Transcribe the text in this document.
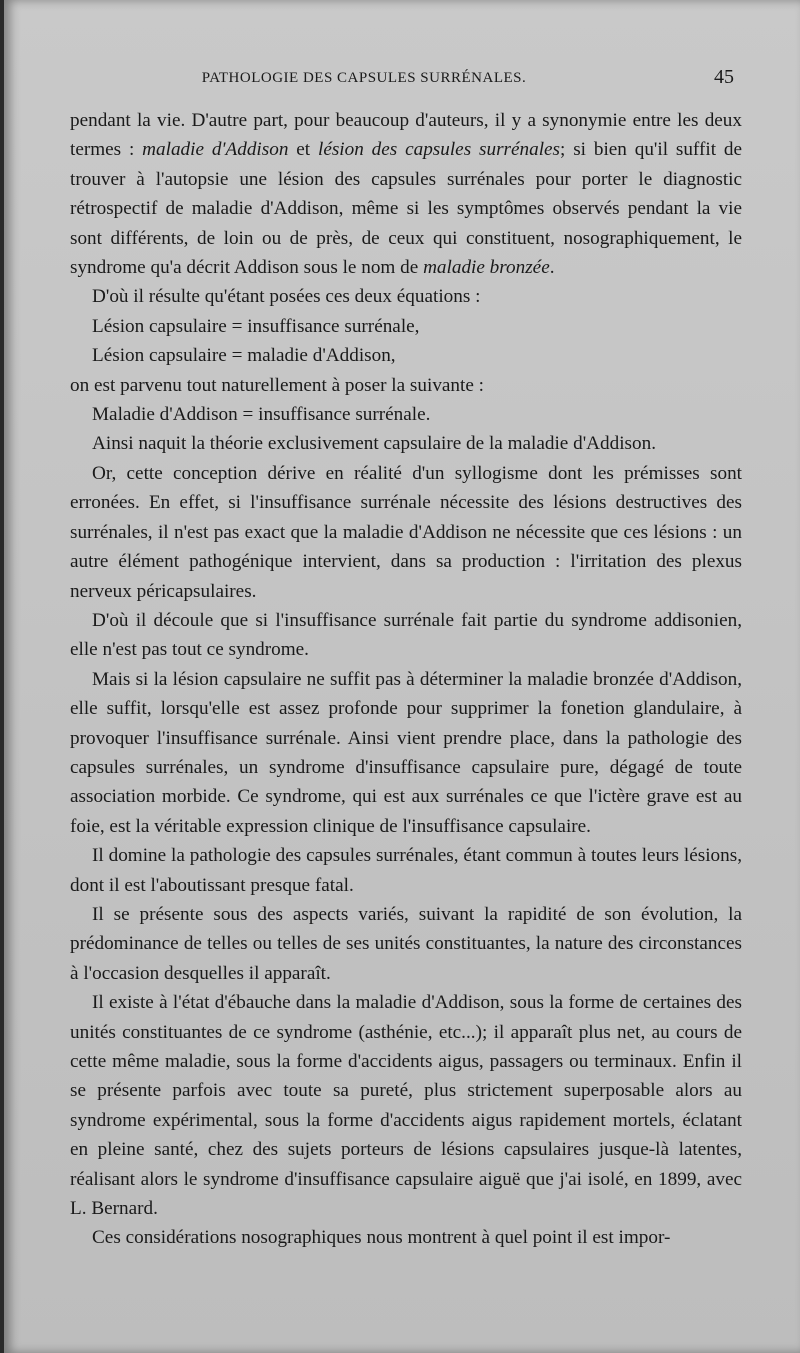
PATHOLOGIE DES CAPSULES SURRÉNALES.	45

pendant la vie. D'autre part, pour beaucoup d'auteurs, il y a synonymie entre les deux termes : maladie d'Addison et lésion des capsules surrénales; si bien qu'il suffit de trouver à l'autopsie une lésion des capsules surrénales pour porter le diagnostic rétrospectif de maladie d'Addison, même si les symptômes observés pendant la vie sont différents, de loin ou de près, de ceux qui constituent, nosographiquement, le syndrome qu'a décrit Addison sous le nom de maladie bronzée.

D'où il résulte qu'étant posées ces deux équations :

Lésion capsulaire = insuffisance surrénale,

Lésion capsulaire = maladie d'Addison,

on est parvenu tout naturellement à poser la suivante :

Maladie d'Addison = insuffisance surrénale.

Ainsi naquit la théorie exclusivement capsulaire de la maladie d'Addison.

Or, cette conception dérive en réalité d'un syllogisme dont les prémisses sont erronées. En effet, si l'insuffisance surrénale nécessite des lésions destructives des surrénales, il n'est pas exact que la maladie d'Addison ne nécessite que ces lésions : un autre élément pathogénique intervient, dans sa production : l'irritation des plexus nerveux péricapsulaires.

D'où il découle que si l'insuffisance surrénale fait partie du syndrome addisonien, elle n'est pas tout ce syndrome.

Mais si la lésion capsulaire ne suffit pas à déterminer la maladie bronzée d'Addison, elle suffit, lorsqu'elle est assez profonde pour supprimer la fonetion glandulaire, à provoquer l'insuffisance surrénale. Ainsi vient prendre place, dans la pathologie des capsules surrénales, un syndrome d'insuffisance capsulaire pure, dégagé de toute association morbide. Ce syndrome, qui est aux surrénales ce que l'ictère grave est au foie, est la véritable expression clinique de l'insuffisance capsulaire.

Il domine la pathologie des capsules surrénales, étant commun à toutes leurs lésions, dont il est l'aboutissant presque fatal.

Il se présente sous des aspects variés, suivant la rapidité de son évolution, la prédominance de telles ou telles de ses unités constituantes, la nature des circonstances à l'occasion desquelles il apparaît.

Il existe à l'état d'ébauche dans la maladie d'Addison, sous la forme de certaines des unités constituantes de ce syndrome (asthénie, etc...); il apparaît plus net, au cours de cette même maladie, sous la forme d'accidents aigus, passagers ou terminaux. Enfin il se présente parfois avec toute sa pureté, plus strictement superposable alors au syndrome expérimental, sous la forme d'accidents aigus rapidement mortels, éclatant en pleine santé, chez des sujets porteurs de lésions capsulaires jusque-là latentes, réalisant alors le syndrome d'insuffisance capsulaire aiguë que j'ai isolé, en 1899, avec L. Bernard.

Ces considérations nosographiques nous montrent à quel point il est impor-
